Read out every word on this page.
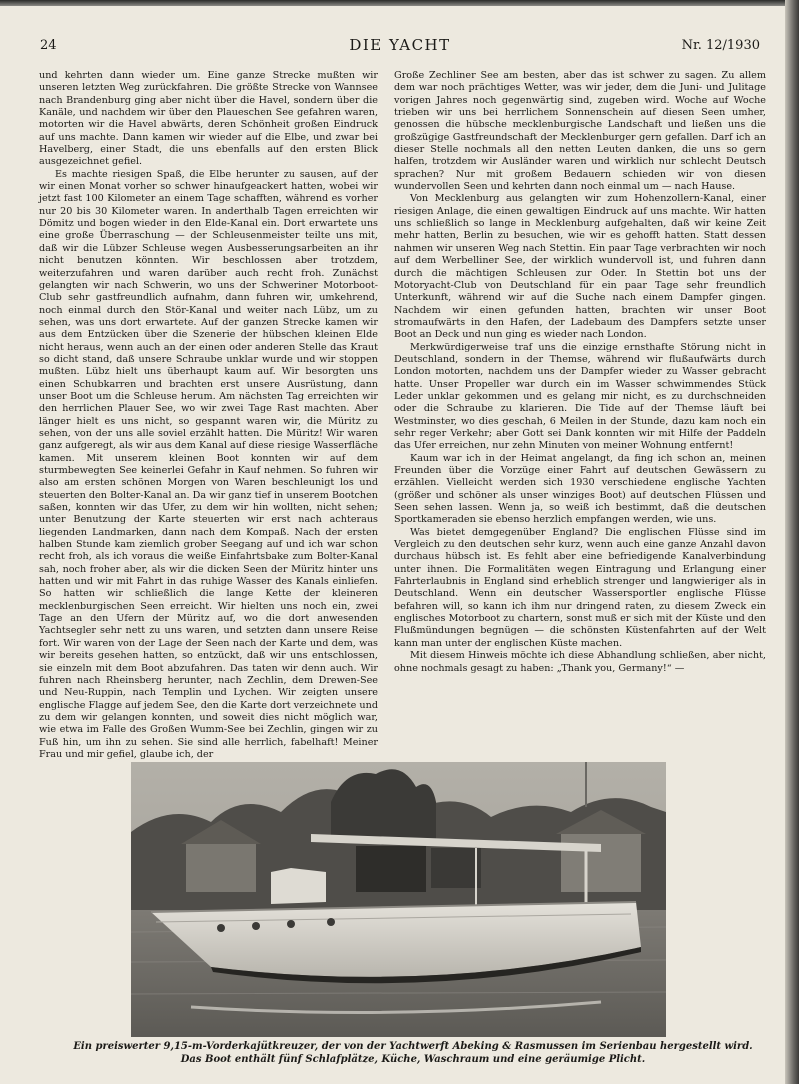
24	DIE YACHT	Nr. 12/1930

und kehrten dann wieder um. Eine ganze Strecke mußten wir unseren letzten Weg zurückfahren. Die größte Strecke von Wannsee nach Brandenburg ging aber nicht über die Havel, sondern über die Kanäle, und nachdem wir über den Plaueschen See gefahren waren, motorten wir die Havel abwärts, deren Schönheit großen Eindruck auf uns machte. Dann kamen wir wieder auf die Elbe, und zwar bei Havelberg, einer Stadt, die uns ebenfalls auf den ersten Blick ausgezeichnet gefiel.

Es machte riesigen Spaß, die Elbe herunter zu sausen, auf der wir einen Monat vorher so schwer hinaufgeackert hatten, wobei wir jetzt fast 100 Kilometer an einem Tage schafften, während es vorher nur 20 bis 30 Kilometer waren. In anderthalb Tagen erreichten wir Dömitz und bogen wieder in den Elde-Kanal ein. Dort erwartete uns eine große Überraschung — der Schleusenmeister teilte uns mit, daß wir die Lübzer Schleuse wegen Ausbesserungsarbeiten an ihr nicht benutzen könnten. Wir beschlossen aber trotzdem, weiterzufahren und waren darüber auch recht froh. Zunächst gelangten wir nach Schwerin, wo uns der Schweriner Motorboot-Club sehr gastfreundlich aufnahm, dann fuhren wir, umkehrend, noch einmal durch den Stör-Kanal und weiter nach Lübz, um zu sehen, was uns dort erwartete. Auf der ganzen Strecke kamen wir aus dem Entzücken über die Szenerie der hübschen kleinen Elde nicht heraus, wenn auch an der einen oder anderen Stelle das Kraut so dicht stand, daß unsere Schraube unklar wurde und wir stoppen mußten. Lübz hielt uns überhaupt kaum auf. Wir besorgten uns einen Schubkarren und brachten erst unsere Ausrüstung, dann unser Boot um die Schleuse herum. Am nächsten Tag erreichten wir den herrlichen Plauer See, wo wir zwei Tage Rast machten. Aber länger hielt es uns nicht, so gespannt waren wir, die Müritz zu sehen, von der uns alle soviel erzählt hatten. Die Müritz! Wir waren ganz aufgeregt, als wir aus dem Kanal auf diese riesige Wasserfläche kamen. Mit unserem kleinen Boot konnten wir auf dem sturmbewegten See keinerlei Gefahr in Kauf nehmen. So fuhren wir also am ersten schönen Morgen von Waren beschleunigt los und steuerten den Bolter-Kanal an. Da wir ganz tief in unserem Bootchen saßen, konnten wir das Ufer, zu dem wir hin wollten, nicht sehen; unter Benutzung der Karte steuerten wir erst nach achteraus liegenden Landmarken, dann nach dem Kompaß. Nach der ersten halben Stunde kam ziemlich grober Seegang auf und ich war schon recht froh, als ich voraus die weiße Einfahrtsbake zum Bolter-Kanal sah, noch froher aber, als wir die dicken Seen der Müritz hinter uns hatten und wir mit Fahrt in das ruhige Wasser des Kanals einliefen. So hatten wir schließlich die lange Kette der kleineren mecklenburgischen Seen erreicht. Wir hielten uns noch ein, zwei Tage an den Ufern der Müritz auf, wo die dort anwesenden Yachtsegler sehr nett zu uns waren, und setzten dann unsere Reise fort. Wir waren von der Lage der Seen nach der Karte und dem, was wir bereits gesehen hatten, so entzückt, daß wir uns entschlossen, sie einzeln mit dem Boot abzufahren. Das taten wir denn auch. Wir fuhren nach Rheinsberg herunter, nach Zechlin, dem Drewen-See und Neu-Ruppin, nach Templin und Lychen. Wir zeigten unsere englische Flagge auf jedem See, den die Karte dort verzeichnete und zu dem wir gelangen konnten, und soweit dies nicht möglich war, wie etwa im Falle des Großen Wumm-See bei Zechlin, gingen wir zu Fuß hin, um ihn zu sehen. Sie sind alle herrlich, fabelhaft! Meiner Frau und mir gefiel, glaube ich, der

Große Zechliner See am besten, aber das ist schwer zu sagen. Zu allem dem war noch prächtiges Wetter, was wir jeder, dem die Juni- und Julitage vorigen Jahres noch gegenwärtig sind, zugeben wird. Woche auf Woche trieben wir uns bei herrlichem Sonnenschein auf diesen Seen umher, genossen die hübsche mecklenburgische Landschaft und ließen uns die großzügige Gastfreundschaft der Mecklenburger gern gefallen. Darf ich an dieser Stelle nochmals all den netten Leuten danken, die uns so gern halfen, trotzdem wir Ausländer waren und wirklich nur schlecht Deutsch sprachen? Nur mit großem Bedauern schieden wir von diesen wundervollen Seen und kehrten dann noch einmal um — nach Hause.

Von Mecklenburg aus gelangten wir zum Hohenzollern-Kanal, einer riesigen Anlage, die einen gewaltigen Eindruck auf uns machte. Wir hatten uns schließlich so lange in Mecklenburg aufgehalten, daß wir keine Zeit mehr hatten, Berlin zu besuchen, wie wir es gehofft hatten. Statt dessen nahmen wir unseren Weg nach Stettin. Ein paar Tage verbrachten wir noch auf dem Werbelliner See, der wirklich wundervoll ist, und fuhren dann durch die mächtigen Schleusen zur Oder. In Stettin bot uns der Motoryacht-Club von Deutschland für ein paar Tage sehr freundlich Unterkunft, während wir auf die Suche nach einem Dampfer gingen. Nachdem wir einen gefunden hatten, brachten wir unser Boot stromaufwärts in den Hafen, der Ladebaum des Dampfers setzte unser Boot an Deck und nun ging es wieder nach London.

Merkwürdigerweise traf uns die einzige ernsthafte Störung nicht in Deutschland, sondern in der Themse, während wir flußaufwärts durch London motorten, nachdem uns der Dampfer wieder zu Wasser gebracht hatte. Unser Propeller war durch ein im Wasser schwimmendes Stück Leder unklar gekommen und es gelang mir nicht, es zu durchschneiden oder die Schraube zu klarieren. Die Tide auf der Themse läuft bei Westminster, wo dies geschah, 6 Meilen in der Stunde, dazu kam noch ein sehr reger Verkehr; aber Gott sei Dank konnten wir mit Hilfe der Paddeln das Ufer erreichen, nur zehn Minuten von meiner Wohnung entfernt!

Kaum war ich in der Heimat angelangt, da fing ich schon an, meinen Freunden über die Vorzüge einer Fahrt auf deutschen Gewässern zu erzählen. Vielleicht werden sich 1930 verschiedene englische Yachten (größer und schöner als unser winziges Boot) auf deutschen Flüssen und Seen sehen lassen. Wenn ja, so weiß ich bestimmt, daß die deutschen Sportkameraden sie ebenso herzlich empfangen werden, wie uns.

Was bietet demgegenüber England? Die englischen Flüsse sind im Vergleich zu den deutschen sehr kurz, wenn auch eine ganze Anzahl davon durchaus hübsch ist. Es fehlt aber eine befriedigende Kanalverbindung unter ihnen. Die Formalitäten wegen Eintragung und Erlangung einer Fahrterlaubnis in England sind erheblich strenger und langwieriger als in Deutschland. Wenn ein deutscher Wassersportler englische Flüsse befahren will, so kann ich ihm nur dringend raten, zu diesem Zweck ein englisches Motorboot zu chartern, sonst muß er sich mit der Küste und den Flußmündungen begnügen — die schönsten Küstenfahrten auf der Welt kann man unter der englischen Küste machen.

Mit diesem Hinweis möchte ich diese Abhandlung schließen, aber nicht, ohne nochmals gesagt zu haben: „Thank you, Germany!“ —

Ein preiswerter 9,15-m-Vorderkajütkreuzer, der von der Yachtwerft Abeking & Rasmussen im Serienbau hergestellt wird. Das Boot enthält fünf Schlafplätze, Küche, Waschraum und eine geräumige Plicht.
